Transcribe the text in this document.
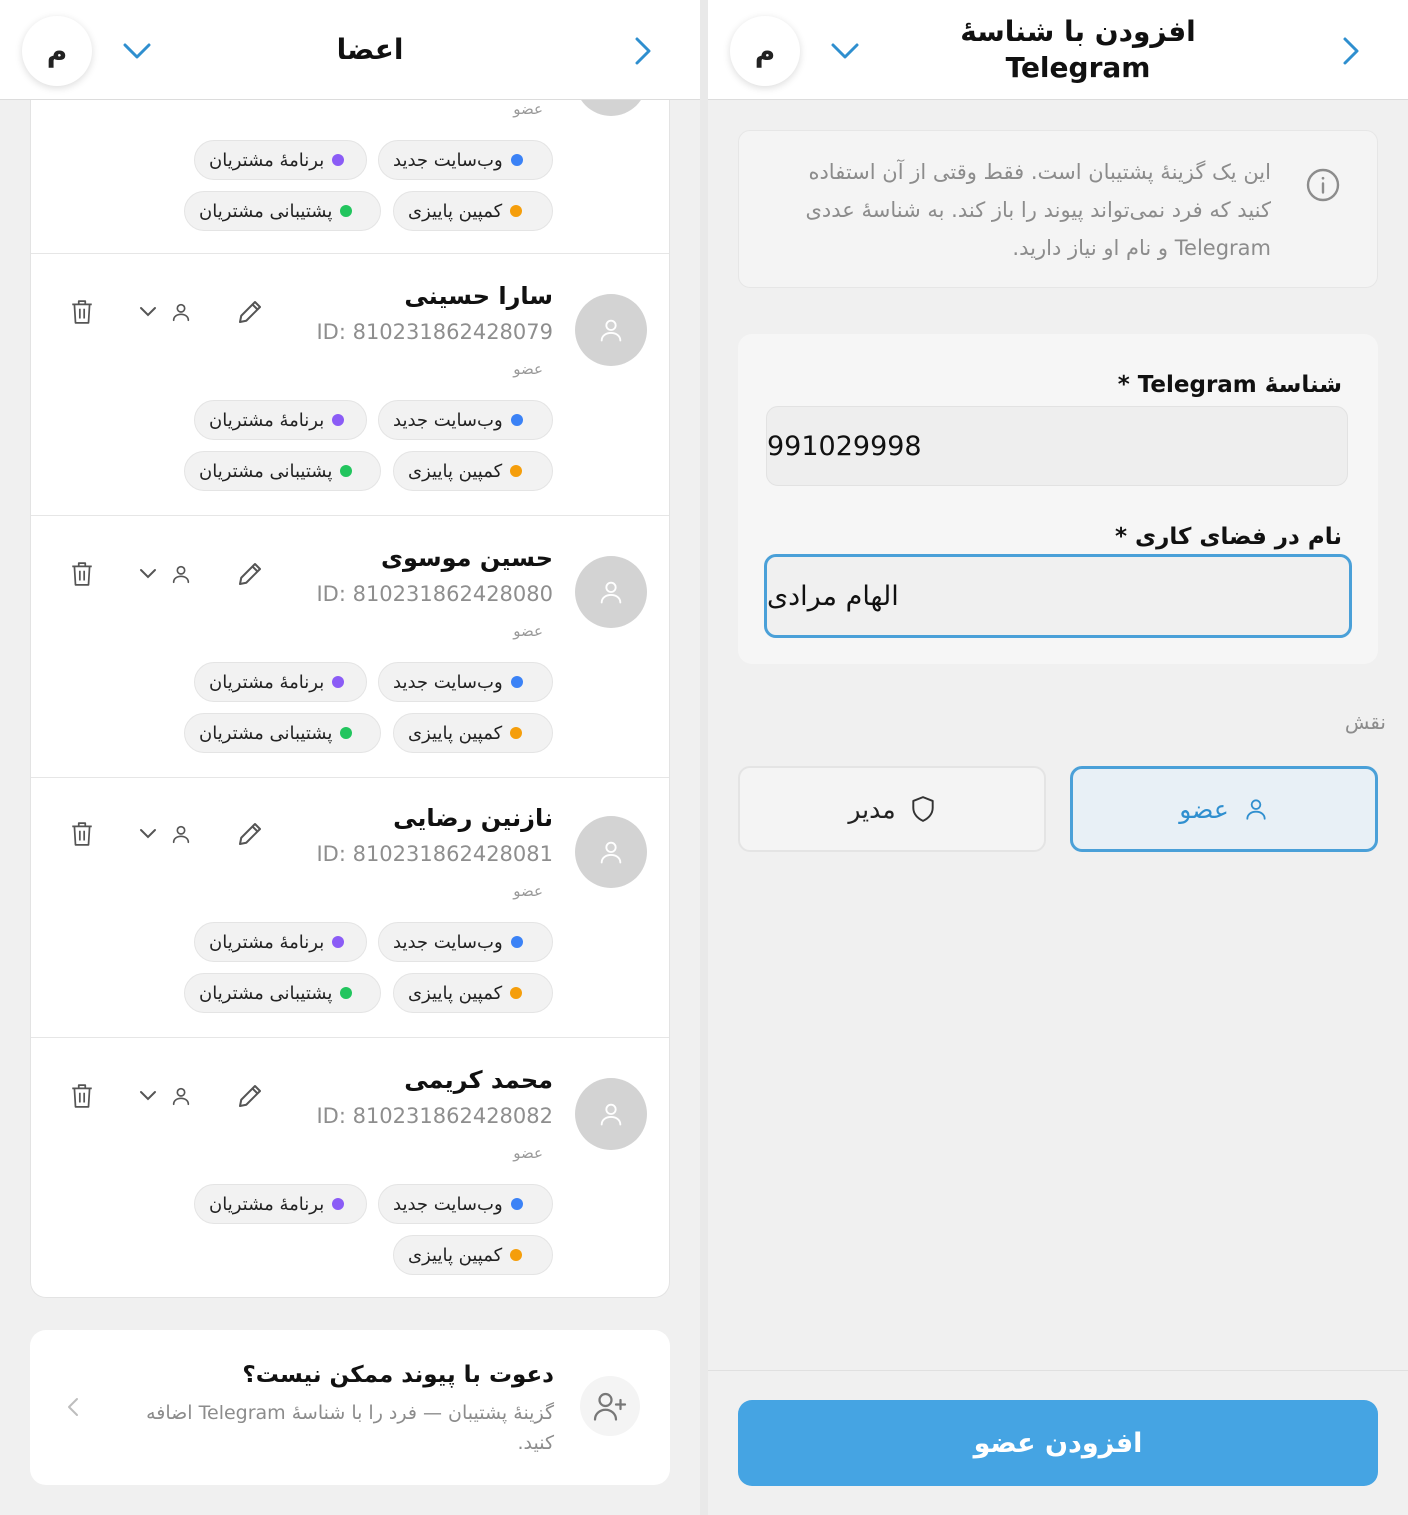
عضو
وب‌سایت جدید
برنامهٔ مشتریان
کمپین پاییزی
پشتیبانی مشتریان
سارا حسینی
ID: 810231862428079
عضو
وب‌سایت جدید
برنامهٔ مشتریان
کمپین پاییزی
پشتیبانی مشتریان
حسین موسوی
ID: 810231862428080
عضو
وب‌سایت جدید
برنامهٔ مشتریان
کمپین پاییزی
پشتیبانی مشتریان
نازنین رضایی
ID: 810231862428081
عضو
وب‌سایت جدید
برنامهٔ مشتریان
کمپین پاییزی
پشتیبانی مشتریان
محمد کریمی
ID: 810231862428082
عضو
وب‌سایت جدید
برنامهٔ مشتریان
کمپین پاییزی
دعوت با پیوند ممکن نیست؟
گزینهٔ پشتیبان — فرد را با شناسهٔ Telegram اضافه کنید.
م	اعضا	م
افزودن با شناسهٔ
Telegram
این یک گزینهٔ پشتیبان است. فقط وقتی از آن استفاده کنید که فرد نمی‌تواند پیوند را باز کند. به شناسهٔ عددی Telegram و نام او نیاز دارید.
شناسهٔ Telegram *
991029998
نام در فضای کاری *
الهام مرادی
نقش
عضو
مدیر
افزودن عضو
